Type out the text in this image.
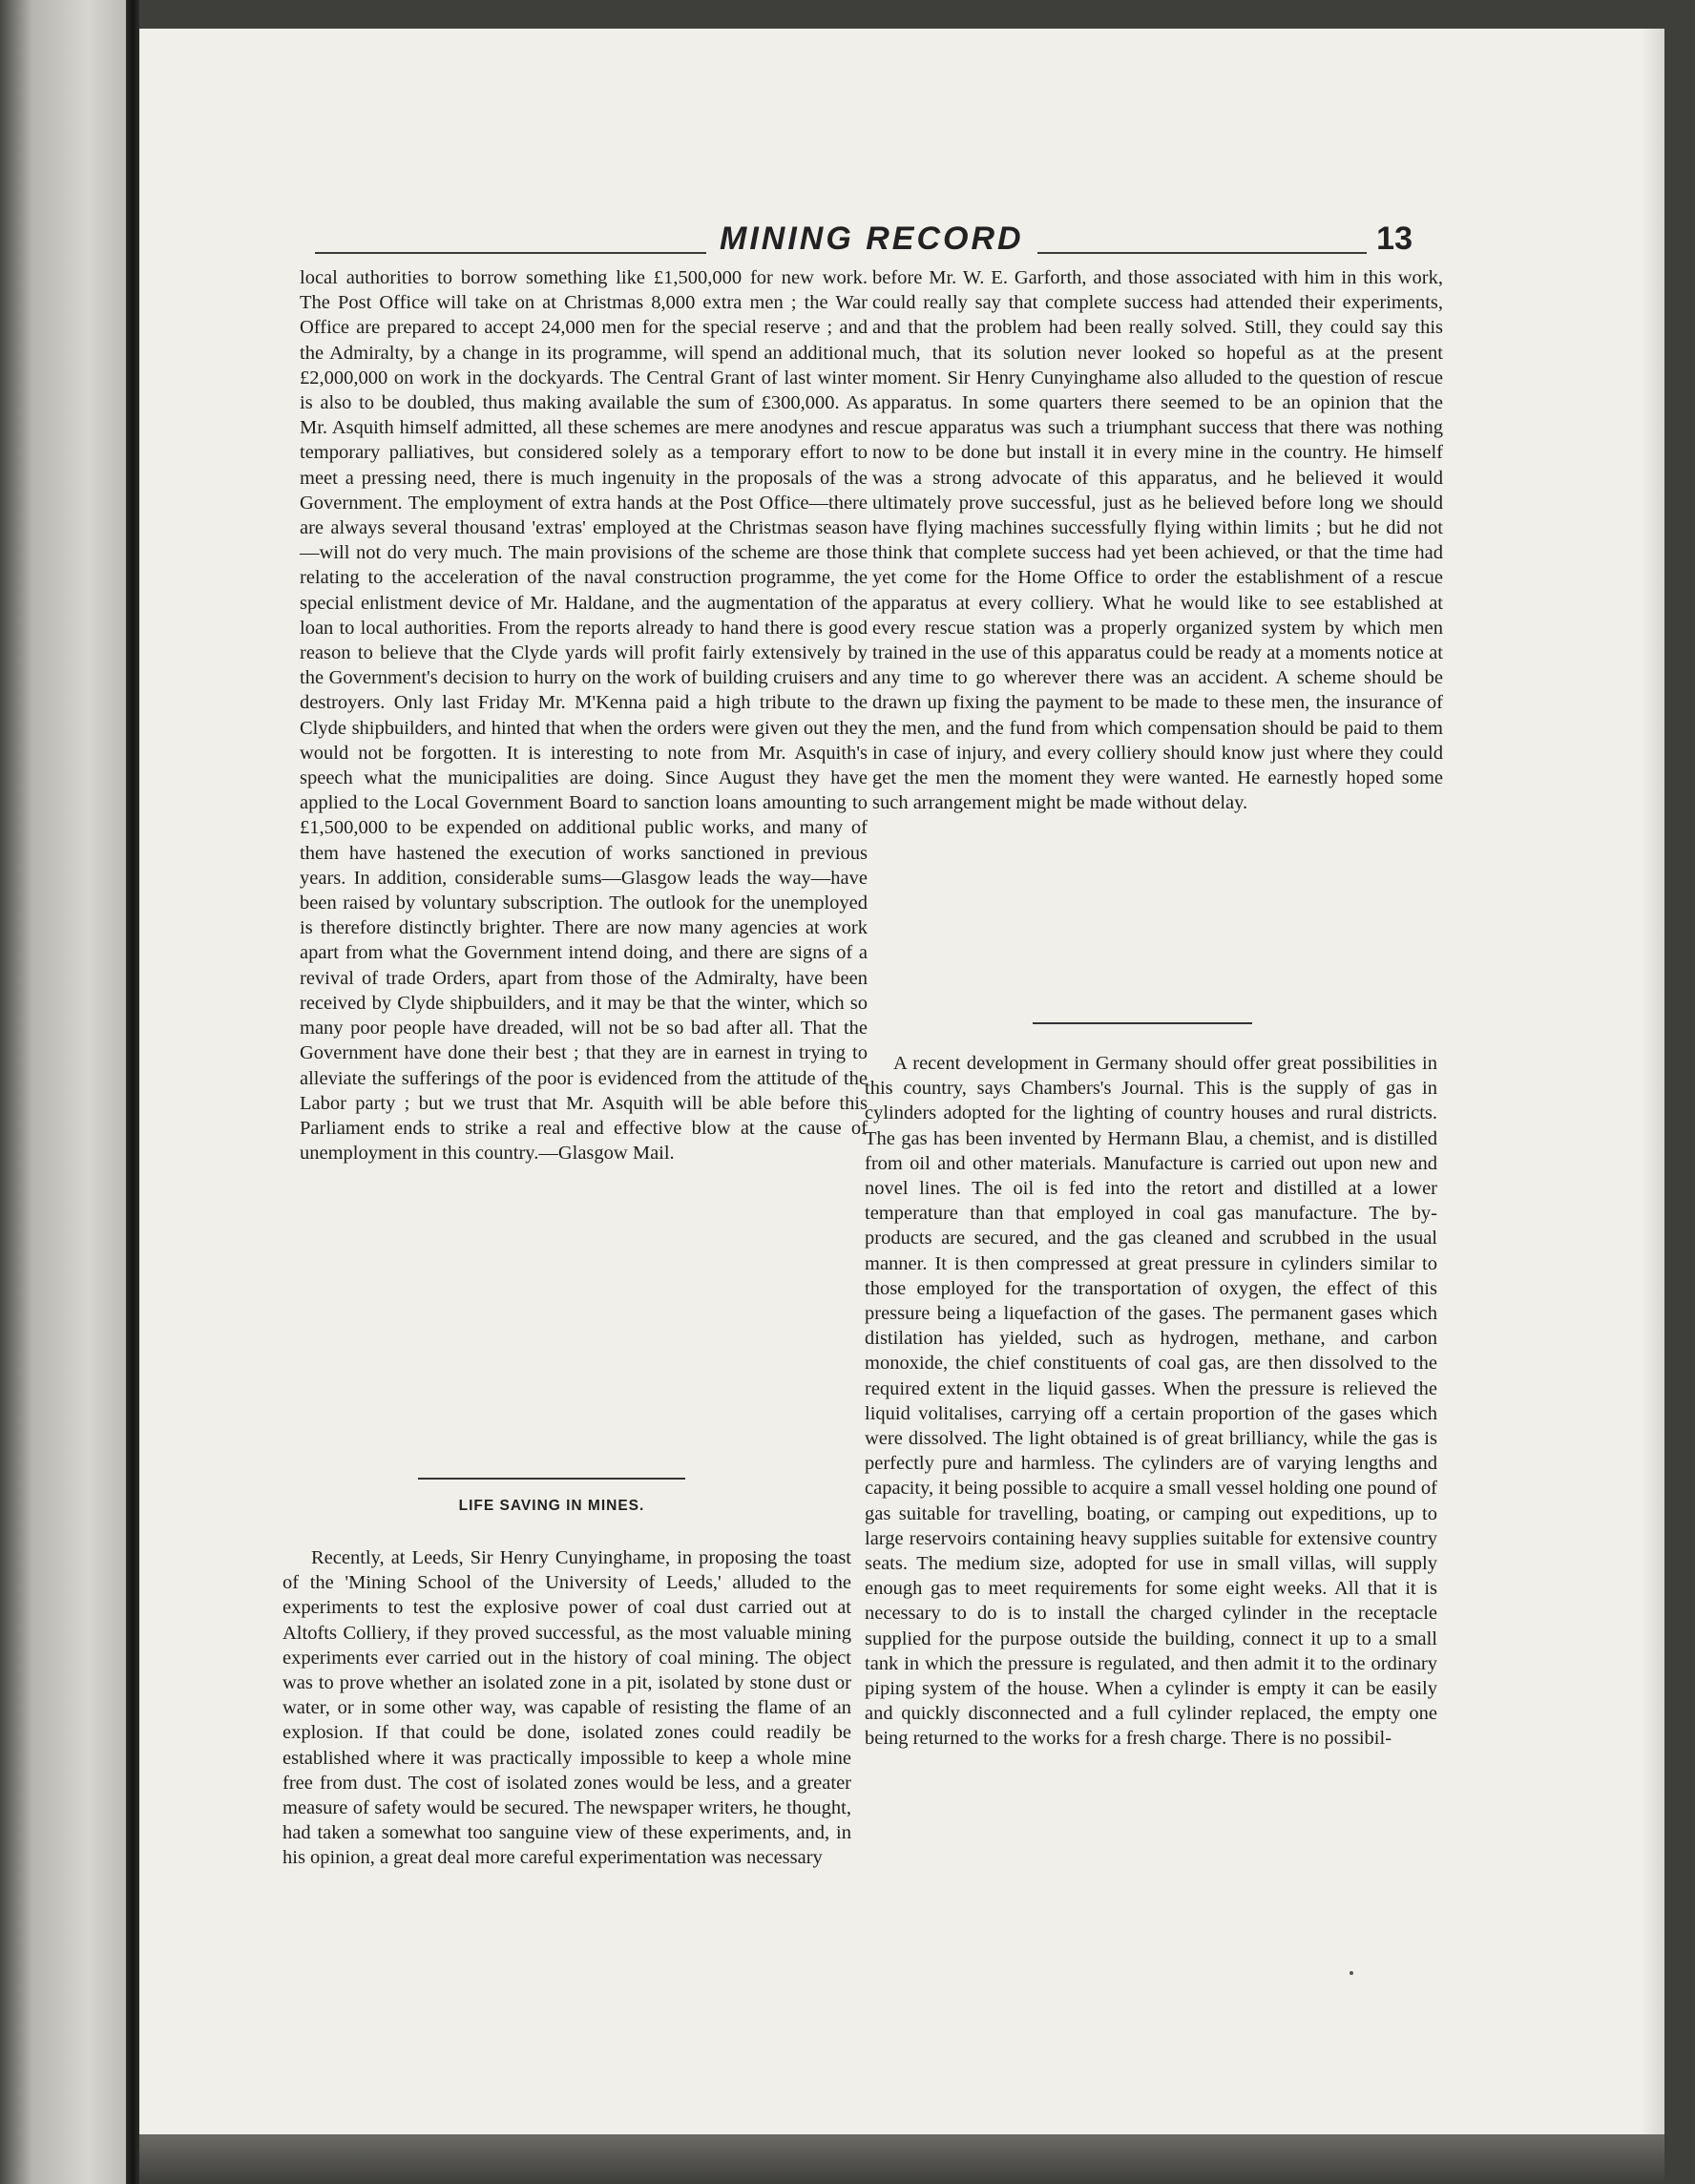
MINING RECORD	13

local authorities to borrow something like £1,500,000 for new work. The Post Office will take on at Christmas 8,000 extra men ; the War Office are prepared to accept 24,000 men for the special reserve ; and the Admiralty, by a change in its programme, will spend an additional £2,000,000 on work in the dockyards. The Central Grant of last winter is also to be doubled, thus making available the sum of £300,000. As Mr. Asquith himself admitted, all these schemes are mere anodynes and temporary palliatives, but considered solely as a temporary effort to meet a pressing need, there is much ingenuity in the proposals of the Government. The employment of extra hands at the Post Office—there are always several thousand 'extras' employed at the Christmas season—will not do very much. The main provisions of the scheme are those relating to the acceleration of the naval construction programme, the special enlistment device of Mr. Haldane, and the augmentation of the loan to local authorities. From the reports already to hand there is good reason to believe that the Clyde yards will profit fairly extensively by the Government's decision to hurry on the work of building cruisers and destroyers. Only last Friday Mr. M'Kenna paid a high tribute to the Clyde shipbuilders, and hinted that when the orders were given out they would not be forgotten. It is interesting to note from Mr. Asquith's speech what the municipalities are doing. Since August they have applied to the Local Government Board to sanction loans amounting to £1,500,000 to be expended on additional public works, and many of them have hastened the execution of works sanctioned in previous years. In addition, considerable sums—Glasgow leads the way—have been raised by voluntary subscription. The outlook for the unemployed is therefore distinctly brighter. There are now many agencies at work apart from what the Government intend doing, and there are signs of a revival of trade Orders, apart from those of the Admiralty, have been received by Clyde shipbuilders, and it may be that the winter, which so many poor people have dreaded, will not be so bad after all. That the Government have done their best ; that they are in earnest in trying to alleviate the sufferings of the poor is evidenced from the attitude of the Labor party ; but we trust that Mr. Asquith will be able before this Parliament ends to strike a real and effective blow at the cause of unemployment in this country.—Glasgow Mail.

LIFE SAVING IN MINES.

Recently, at Leeds, Sir Henry Cunyinghame, in proposing the toast of the 'Mining School of the University of Leeds,' alluded to the experiments to test the explosive power of coal dust carried out at Altofts Colliery, if they proved successful, as the most valuable mining experiments ever carried out in the history of coal mining. The object was to prove whether an isolated zone in a pit, isolated by stone dust or water, or in some other way, was capable of resisting the flame of an explosion. If that could be done, isolated zones could readily be established where it was practically impossible to keep a whole mine free from dust. The cost of isolated zones would be less, and a greater measure of safety would be secured. The newspaper writers, he thought, had taken a somewhat too sanguine view of these experiments, and, in his opinion, a great deal more careful experimentation was necessary

before Mr. W. E. Garforth, and those associated with him in this work, could really say that complete success had attended their experiments, and that the problem had been really solved. Still, they could say this much, that its solution never looked so hopeful as at the present moment. Sir Henry Cunyinghame also alluded to the question of rescue apparatus. In some quarters there seemed to be an opinion that the rescue apparatus was such a triumphant success that there was nothing now to be done but install it in every mine in the country. He himself was a strong advocate of this apparatus, and he believed it would ultimately prove successful, just as he believed before long we should have flying machines successfully flying within limits ; but he did not think that complete success had yet been achieved, or that the time had yet come for the Home Office to order the establishment of a rescue apparatus at every colliery. What he would like to see established at every rescue station was a properly organized system by which men trained in the use of this apparatus could be ready at a moments notice at any time to go wherever there was an accident. A scheme should be drawn up fixing the payment to be made to these men, the insurance of the men, and the fund from which compensation should be paid to them in case of injury, and every colliery should know just where they could get the men the moment they were wanted. He earnestly hoped some such arrangement might be made without delay.

A recent development in Germany should offer great possibilities in this country, says Chambers's Journal. This is the supply of gas in cylinders adopted for the lighting of country houses and rural districts. The gas has been invented by Hermann Blau, a chemist, and is distilled from oil and other materials. Manufacture is carried out upon new and novel lines. The oil is fed into the retort and distilled at a lower temperature than that employed in coal gas manufacture. The by-products are secured, and the gas cleaned and scrubbed in the usual manner. It is then compressed at great pressure in cylinders similar to those employed for the transportation of oxygen, the effect of this pressure being a liquefaction of the gases. The permanent gases which distilation has yielded, such as hydrogen, methane, and carbon monoxide, the chief constituents of coal gas, are then dissolved to the required extent in the liquid gasses. When the pressure is relieved the liquid volitalises, carrying off a certain proportion of the gases which were dissolved. The light obtained is of great brilliancy, while the gas is perfectly pure and harmless. The cylinders are of varying lengths and capacity, it being possible to acquire a small vessel holding one pound of gas suitable for travelling, boating, or camping out expeditions, up to large reservoirs containing heavy supplies suitable for extensive country seats. The medium size, adopted for use in small villas, will supply enough gas to meet requirements for some eight weeks. All that it is necessary to do is to install the charged cylinder in the receptacle supplied for the purpose outside the building, connect it up to a small tank in which the pressure is regulated, and then admit it to the ordinary piping system of the house. When a cylinder is empty it can be easily and quickly disconnected and a full cylinder replaced, the empty one being returned to the works for a fresh charge. There is no possibil-
